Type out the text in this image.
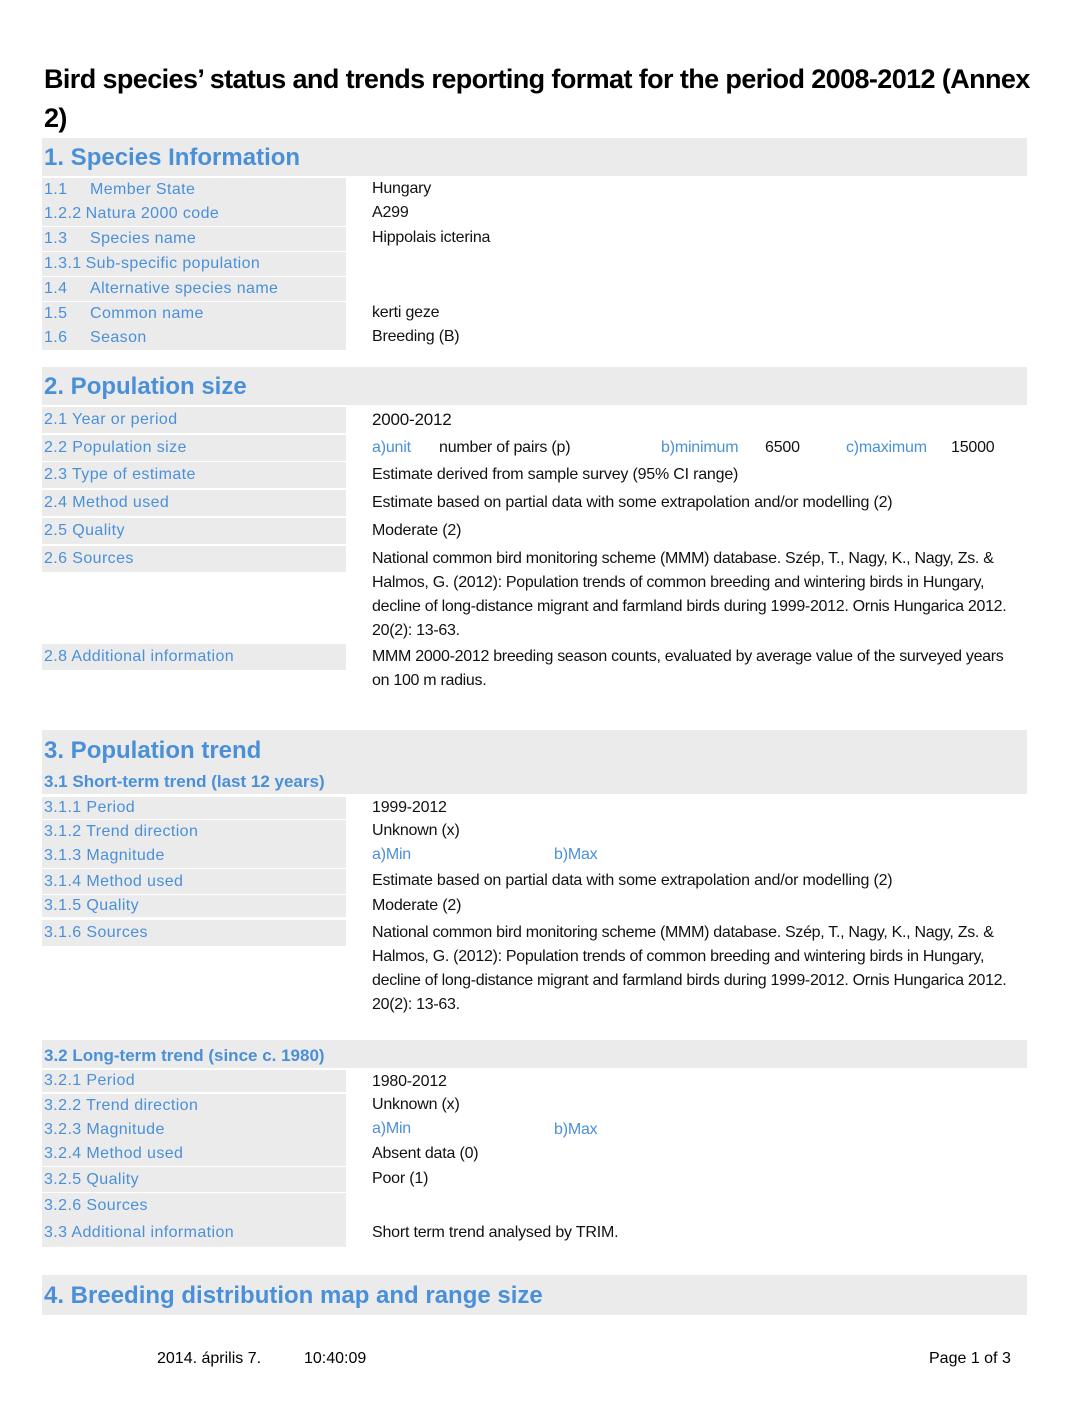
Bird species’ status and trends reporting format for the period 2008-2012 (Annex 2)
1. Species Information
1.1 Member State	Hungary
1.2.2 Natura 2000 code	A299
1.3 Species name	Hippolais icterina
1.3.1 Sub-specific population
1.4 Alternative species name
1.5 Common name	kerti geze
1.6 Season	Breeding (B)
2. Population size
2.1 Year or period	2000-2012
2.2 Population size	a)unit number of pairs (p)	b)minimum 6500	c)maximum 15000
2.3 Type of estimate	Estimate derived from sample survey (95% CI range)
2.4 Method used	Estimate based on partial data with some extrapolation and/or modelling (2)
2.5 Quality	Moderate (2)
2.6 Sources	National common bird monitoring scheme (MMM) database. Szép, T., Nagy, K., Nagy, Zs. & Halmos, G. (2012): Population trends of common breeding and wintering birds in Hungary, decline of long-distance migrant and farmland birds during 1999-2012. Ornis Hungarica 2012. 20(2): 13-63.
2.8 Additional information	MMM 2000-2012 breeding season counts, evaluated by average value of the surveyed years on 100 m radius.
3. Population trend
3.1 Short-term trend (last 12 years)
3.1.1 Period	1999-2012
3.1.2 Trend direction	Unknown (x)
3.1.3 Magnitude	a)Min	b)Max
3.1.4 Method used	Estimate based on partial data with some extrapolation and/or modelling (2)
3.1.5 Quality	Moderate (2)
3.1.6 Sources	National common bird monitoring scheme (MMM) database. Szép, T., Nagy, K., Nagy, Zs. & Halmos, G. (2012): Population trends of common breeding and wintering birds in Hungary, decline of long-distance migrant and farmland birds during 1999-2012. Ornis Hungarica 2012. 20(2): 13-63.
3.2 Long-term trend (since c. 1980)
3.2.1 Period	1980-2012
3.2.2 Trend direction	Unknown (x)
3.2.3 Magnitude	a)Min	b)Max
3.2.4 Method used	Absent data (0)
3.2.5 Quality	Poor (1)
3.2.6 Sources
3.3 Additional information	Short term trend analysed by TRIM.
4. Breeding distribution map and range size
2014. április 7.	10:40:09	Page 1 of 3
